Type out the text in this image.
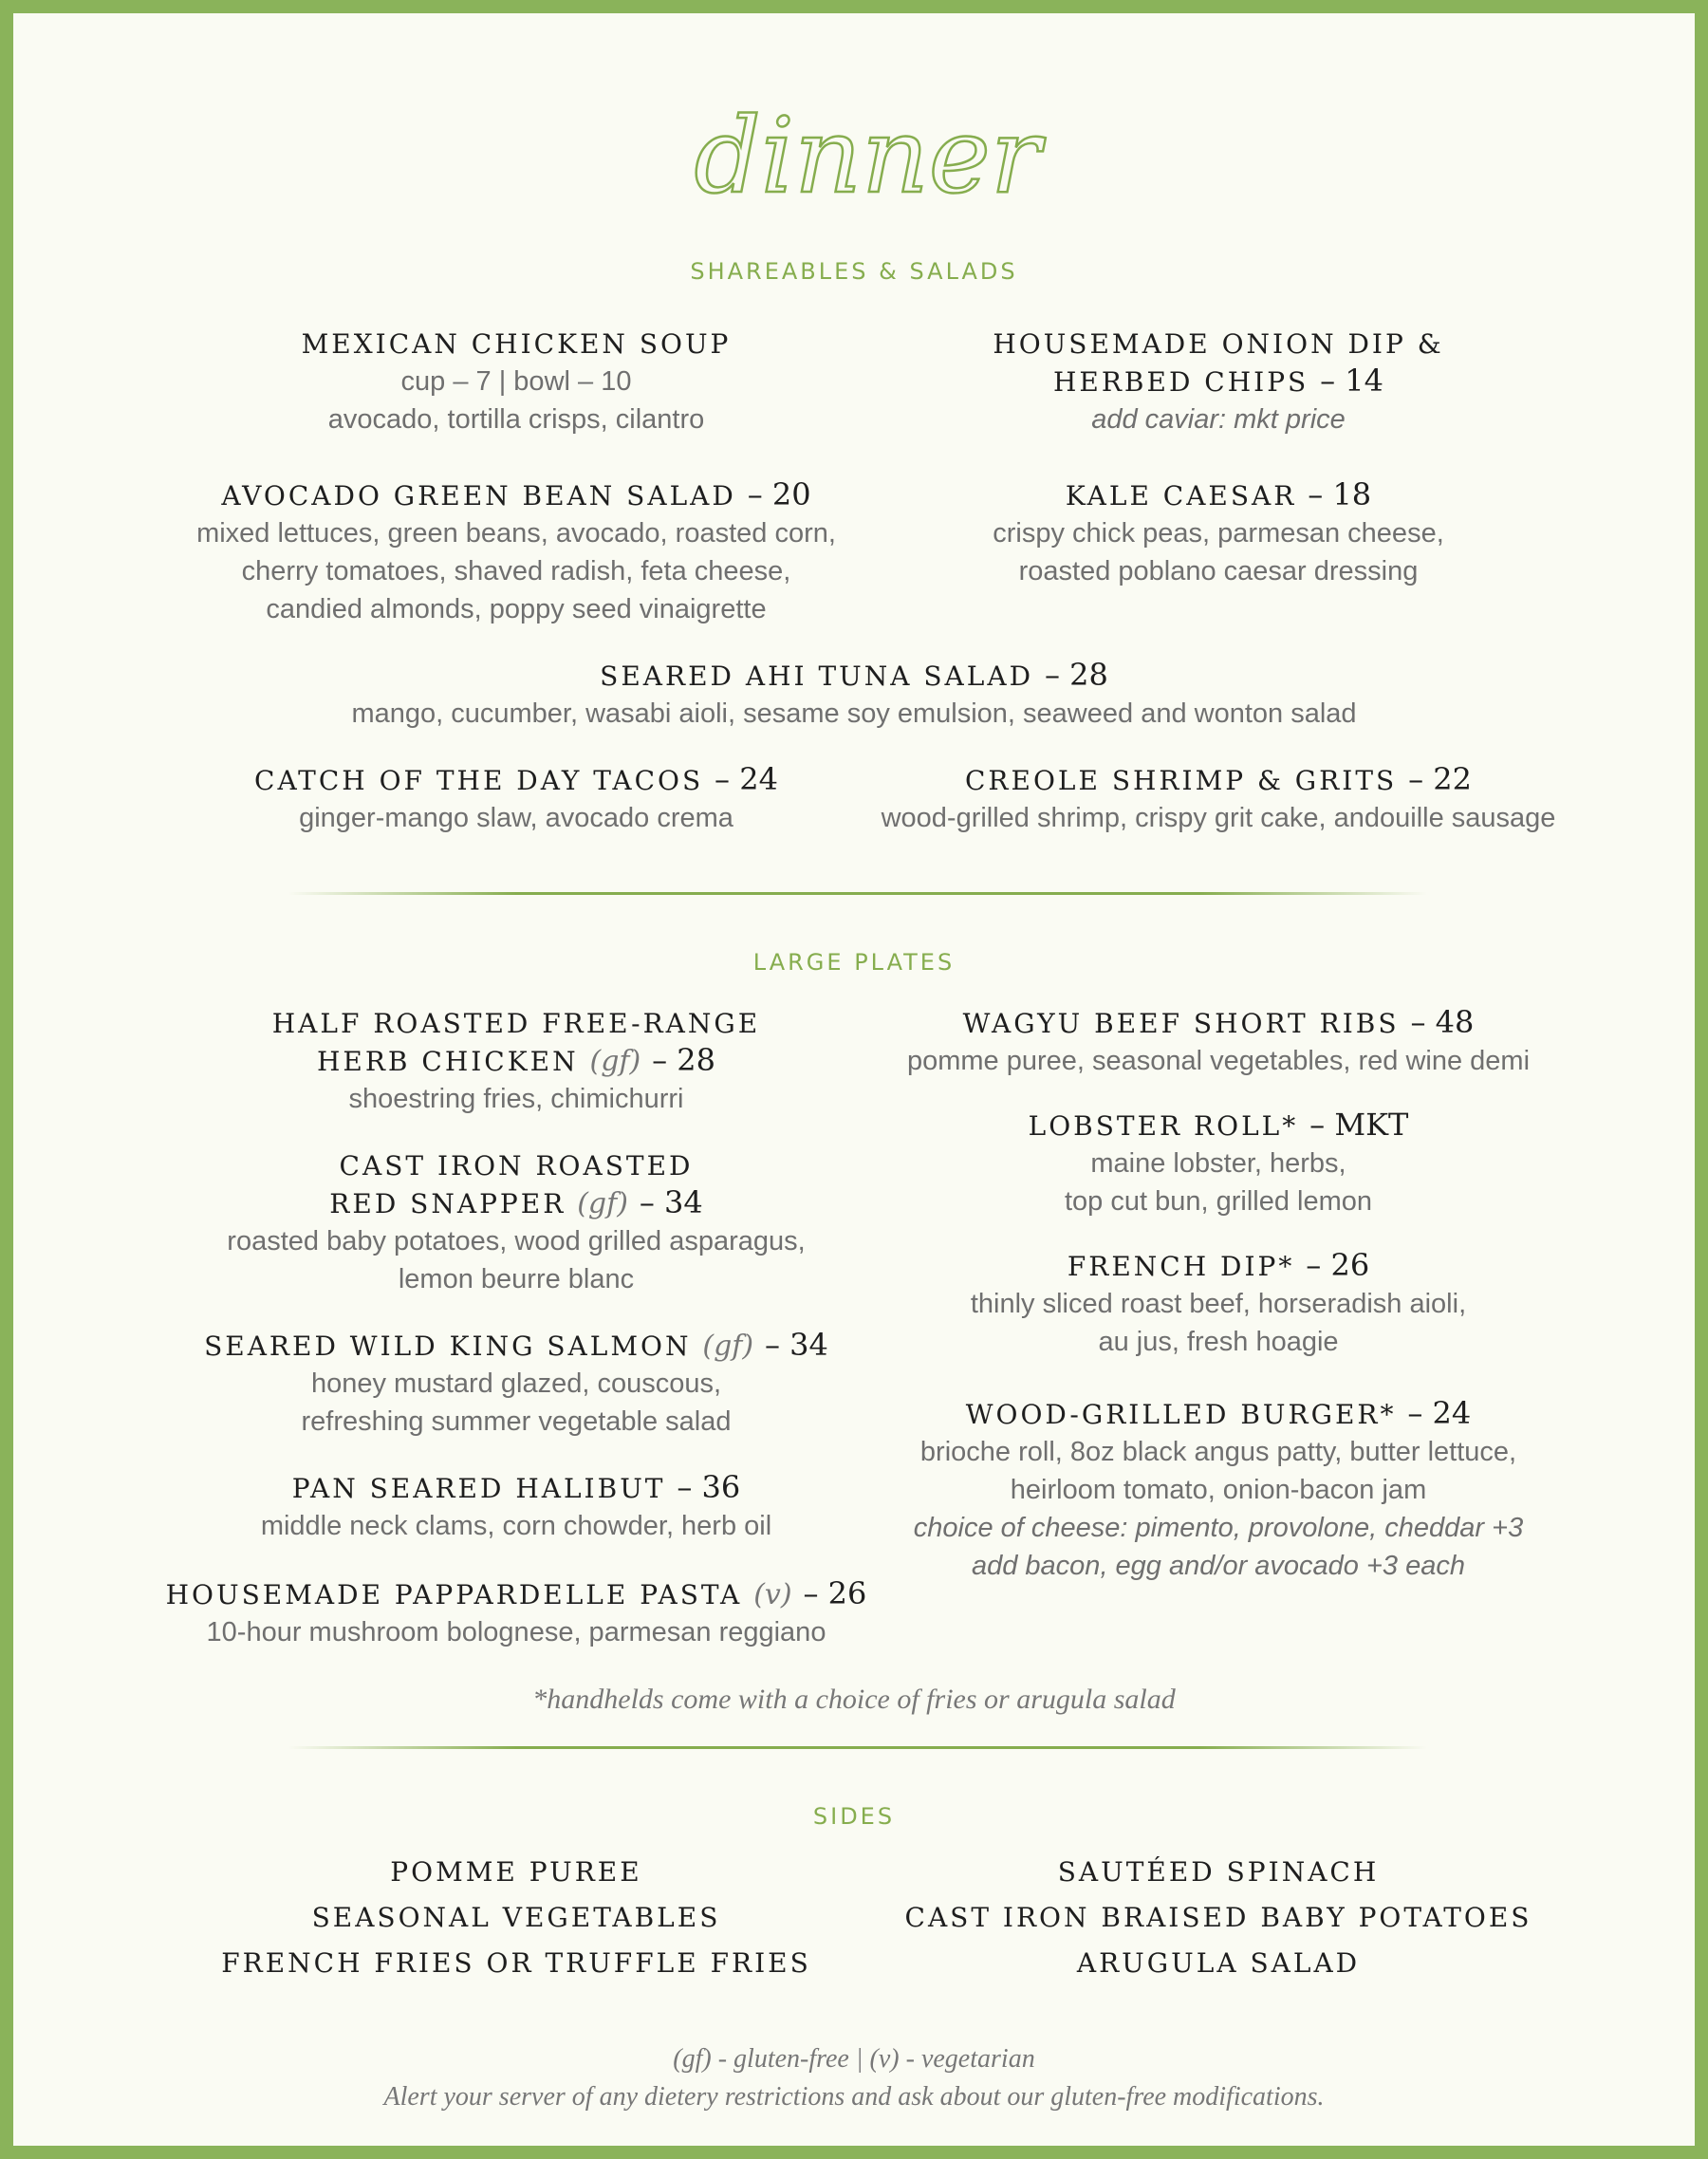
dinner
SHAREABLES & SALADS
MEXICAN CHICKEN SOUP
cup – 7 | bowl – 10
avocado, tortilla crisps, cilantro
HOUSEMADE ONION DIP &
HERBED CHIPS – 14
add caviar: mkt price
AVOCADO GREEN BEAN SALAD – 20
mixed lettuces, green beans, avocado, roasted corn,
cherry tomatoes, shaved radish, feta cheese,
candied almonds, poppy seed vinaigrette
KALE CAESAR – 18
crispy chick peas, parmesan cheese,
roasted poblano caesar dressing
SEARED AHI TUNA SALAD – 28
mango, cucumber, wasabi aioli, sesame soy emulsion, seaweed and wonton salad
CATCH OF THE DAY TACOS – 24
ginger-mango slaw, avocado crema
CREOLE SHRIMP & GRITS – 22
wood-grilled shrimp, crispy grit cake, andouille sausage
LARGE PLATES
HALF ROASTED FREE-RANGE
HERB CHICKEN (gf) – 28
shoestring fries, chimichurri
CAST IRON ROASTED
RED SNAPPER (gf) – 34
roasted baby potatoes, wood grilled asparagus,
lemon beurre blanc
SEARED WILD KING SALMON (gf) – 34
honey mustard glazed, couscous,
refreshing summer vegetable salad
PAN SEARED HALIBUT – 36
middle neck clams, corn chowder, herb oil
HOUSEMADE PAPPARDELLE PASTA (v) – 26
10-hour mushroom bolognese, parmesan reggiano
WAGYU BEEF SHORT RIBS – 48
pomme puree, seasonal vegetables, red wine demi
LOBSTER ROLL* – MKT
maine lobster, herbs,
top cut bun, grilled lemon
FRENCH DIP* – 26
thinly sliced roast beef, horseradish aioli,
au jus, fresh hoagie
WOOD-GRILLED BURGER* – 24
brioche roll, 8oz black angus patty, butter lettuce,
heirloom tomato, onion-bacon jam
choice of cheese: pimento, provolone, cheddar +3
add bacon, egg and/or avocado +3 each
*handhelds come with a choice of fries or arugula salad
SIDES
POMME PUREE
SEASONAL VEGETABLES
FRENCH FRIES OR TRUFFLE FRIES
SAUTÉED SPINACH
CAST IRON BRAISED BABY POTATOES
ARUGULA SALAD
(gf) - gluten-free | (v) - vegetarian
Alert your server of any dietery restrictions and ask about our gluten-free modifications.
